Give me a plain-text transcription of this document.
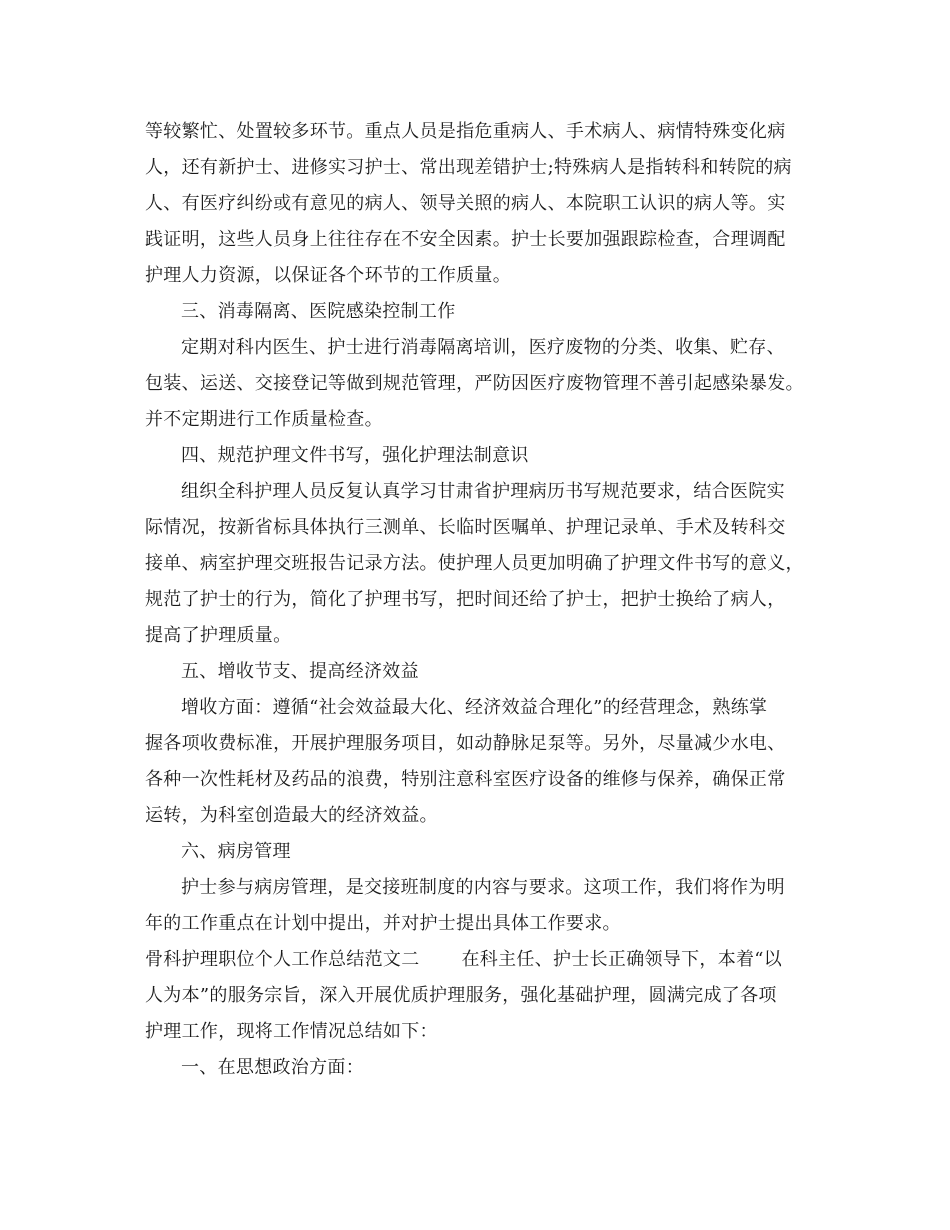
等较繁忙、处置较多环节。重点人员是指危重病人、手术病人、病情特殊变化病
人，还有新护士、进修实习护士、常出现差错护士;特殊病人是指转科和转院的病
人、有医疗纠纷或有意见的病人、领导关照的病人、本院职工认识的病人等。实
践证明，这些人员身上往往存在不安全因素。护士长要加强跟踪检查，合理调配
护理人力资源，以保证各个环节的工作质量。
三、消毒隔离、医院感染控制工作
定期对科内医生、护士进行消毒隔离培训，医疗废物的分类、收集、贮存、
包装、运送、交接登记等做到规范管理，严防因医疗废物管理不善引起感染暴发。
并不定期进行工作质量检查。
四、规范护理文件书写，强化护理法制意识
组织全科护理人员反复认真学习甘肃省护理病历书写规范要求，结合医院实
际情况，按新省标具体执行三测单、长临时医嘱单、护理记录单、手术及转科交
接单、病室护理交班报告记录方法。使护理人员更加明确了护理文件书写的意义，
规范了护士的行为，简化了护理书写，把时间还给了护士，把护士换给了病人，
提高了护理质量。
五、增收节支、提高经济效益
增收方面：遵循“社会效益最大化、经济效益合理化”的经营理念，熟练掌
握各项收费标准，开展护理服务项目，如动静脉足泵等。另外，尽量减少水电、
各种一次性耗材及药品的浪费，特别注意科室医疗设备的维修与保养，确保正常
运转，为科室创造最大的经济效益。
六、病房管理
护士参与病房管理，是交接班制度的内容与要求。这项工作，我们将作为明
年的工作重点在计划中提出，并对护士提出具体工作要求。
骨科护理职位个人工作总结范文二 在科主任、护士长正确领导下，本着“以
人为本”的服务宗旨，深入开展优质护理服务，强化基础护理，圆满完成了各项
护理工作，现将工作情况总结如下：
一、在思想政治方面：
